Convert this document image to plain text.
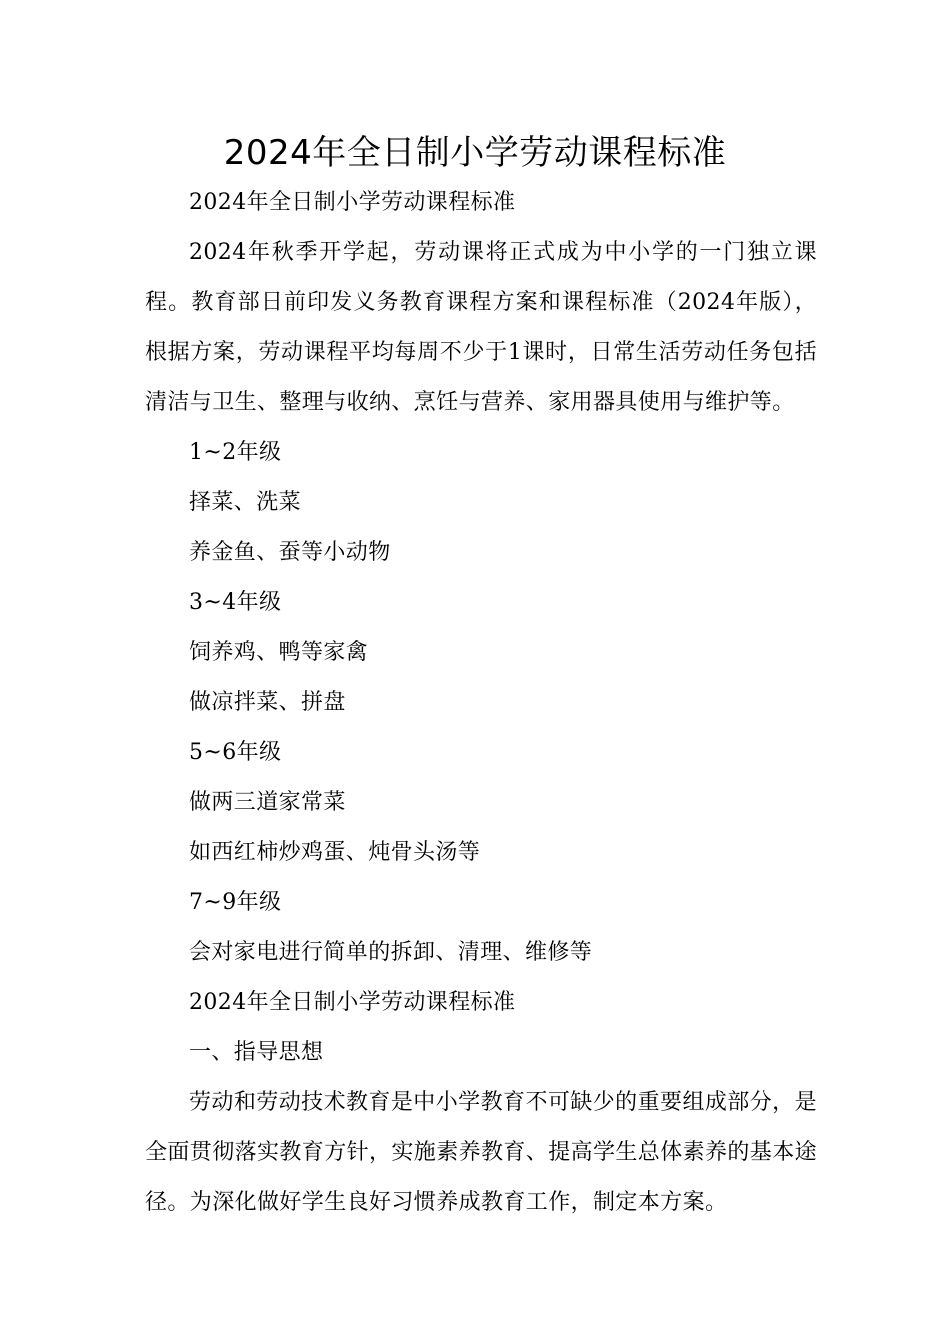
2024年全日制小学劳动课程标准

2024年全日制小学劳动课程标准

2024年秋季开学起，劳动课将正式成为中小学的一门独立课程。教育部日前印发义务教育课程方案和课程标准（2024年版），根据方案，劳动课程平均每周不少于1课时，日常生活劳动任务包括清洁与卫生、整理与收纳、烹饪与营养、家用器具使用与维护等。

1~2年级

择菜、洗菜

养金鱼、蚕等小动物

3~4年级

饲养鸡、鸭等家禽

做凉拌菜、拼盘

5~6年级

做两三道家常菜

如西红柿炒鸡蛋、炖骨头汤等

7~9年级

会对家电进行简单的拆卸、清理、维修等

2024年全日制小学劳动课程标准

一、指导思想

劳动和劳动技术教育是中小学教育不可缺少的重要组成部分，是全面贯彻落实教育方针，实施素养教育、提高学生总体素养的基本途径。为深化做好学生良好习惯养成教育工作，制定本方案。
